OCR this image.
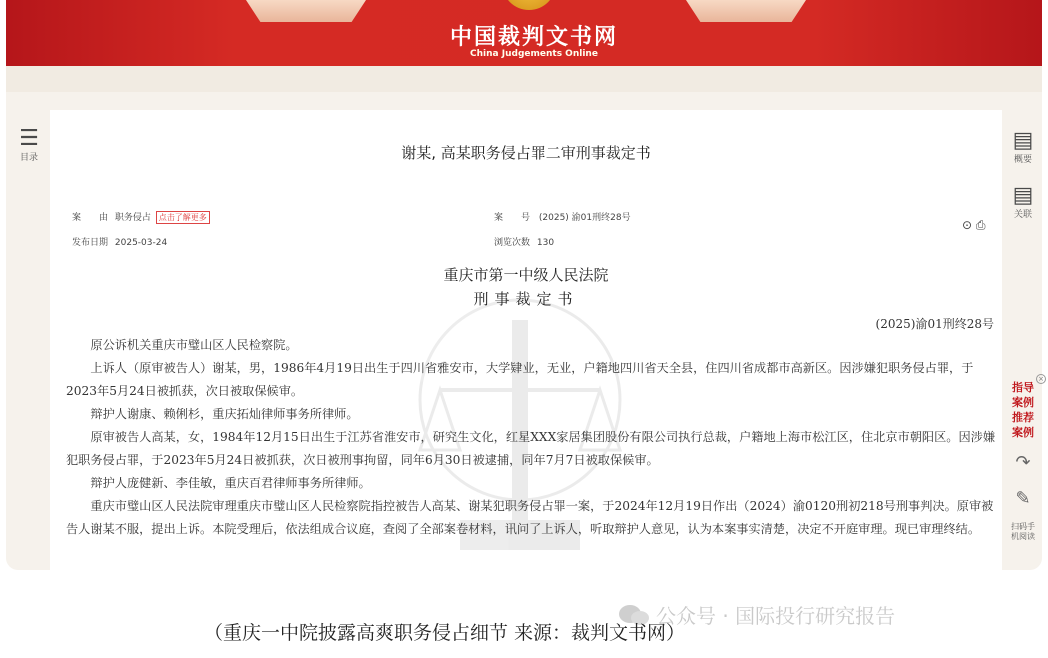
中国裁判文书网
China Judgements Online
☰
目录
▤
概要
▤
关联
×
指导案例
推荐案例
↷
✎
扫码手机阅读
谢某, 高某职务侵占罪二审刑事裁定书
案　　由 职务侵占 点击了解更多	案　　号 (2025) 渝01刑终28号
发布日期 2025-03-24	浏览次数 130
⊙ ⎙
重庆市第一中级人民法院
刑事裁定书
(2025)渝01刑终28号

原公诉机关重庆市璧山区人民检察院。

上诉人（原审被告人）谢某，男，1986年4月19日出生于四川省雅安市，大学肄业，无业，户籍地四川省天全县，住四川省成都市高新区。因涉嫌犯职务侵占罪，于2023年5月24日被抓获，次日被取保候审。

辩护人谢康、赖俐杉，重庆拓灿律师事务所律师。

原审被告人高某，女，1984年12月15日出生于江苏省淮安市，研究生文化，红星XXX家居集团股份有限公司执行总裁，户籍地上海市松江区，住北京市朝阳区。因涉嫌犯职务侵占罪，于2023年5月24日被抓获，次日被刑事拘留，同年6月30日被逮捕，同年7月7日被取保候审。

辩护人庞健新、李佳敏，重庆百君律师事务所律师。

重庆市璧山区人民法院审理重庆市璧山区人民检察院指控被告人高某、谢某犯职务侵占罪一案，于2024年12月19日作出（2024）渝0120刑初218号刑事判决。原审被告人谢某不服，提出上诉。本院受理后，依法组成合议庭，查阅了全部案卷材料，讯问了上诉人，听取辩护人意见，认为本案事实清楚，决定不开庭审理。现已审理终结。

公众号 · 国际投行研究报告
（重庆一中院披露高爽职务侵占细节 来源：裁判文书网）
